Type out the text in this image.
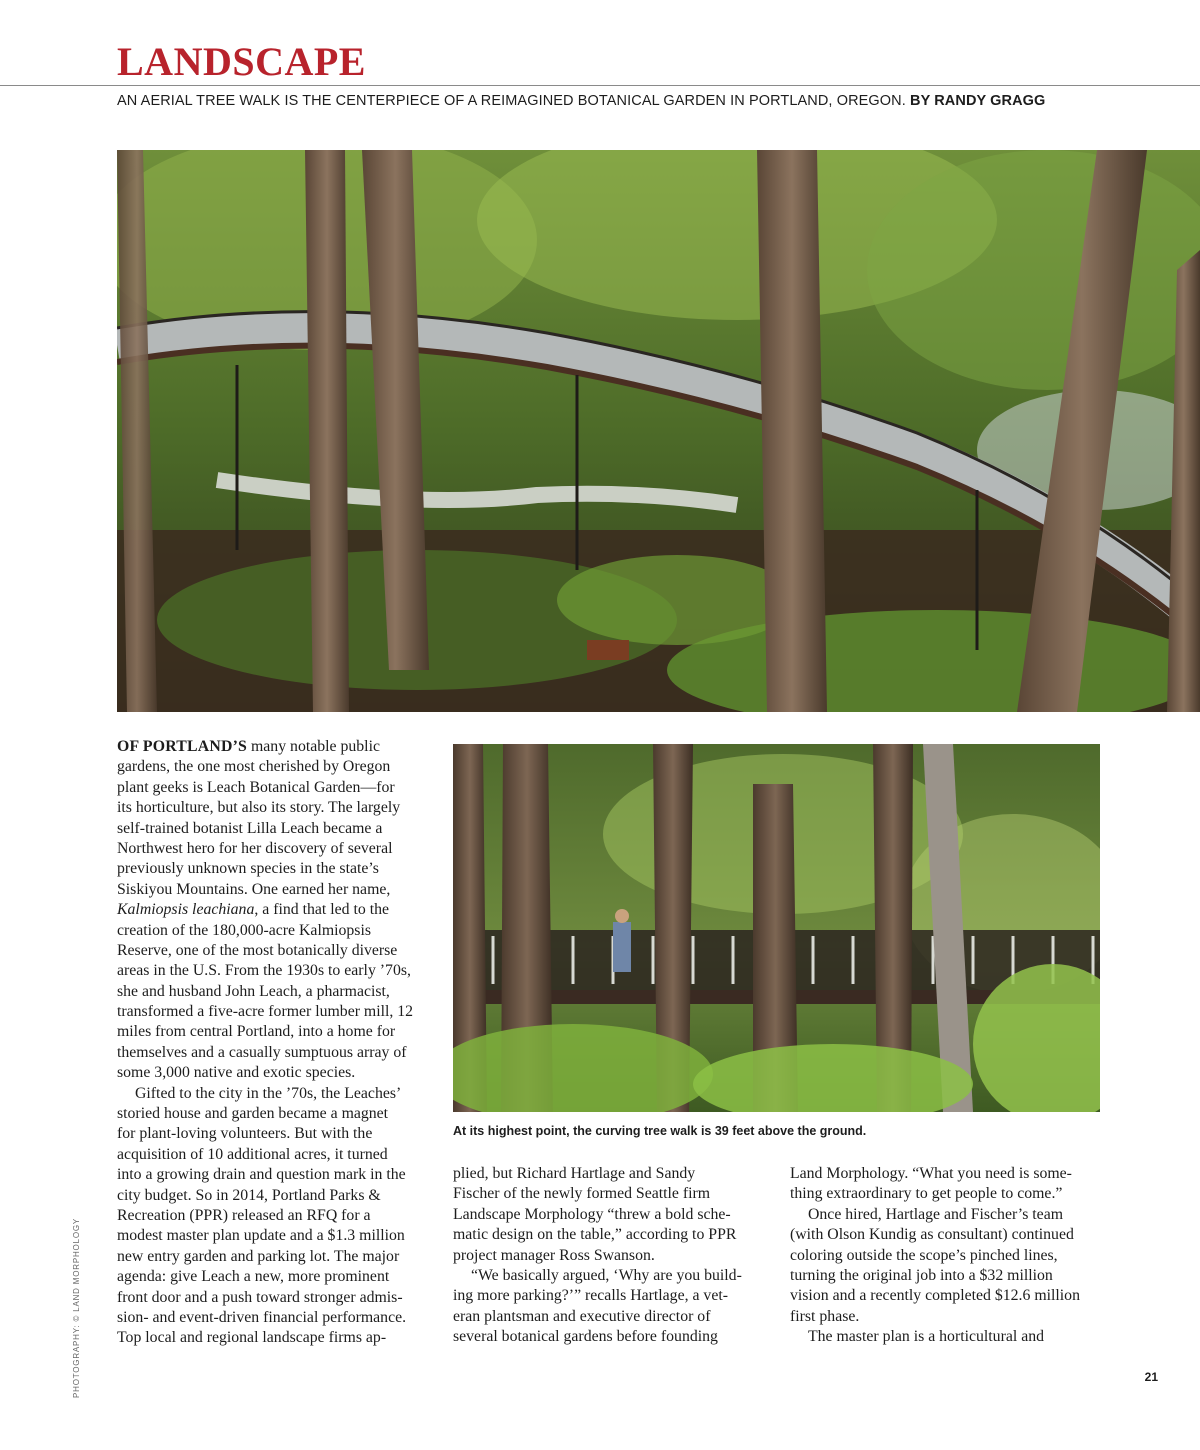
LANDSCAPE
AN AERIAL TREE WALK IS THE CENTERPIECE OF A REIMAGINED BOTANICAL GARDEN IN PORTLAND, OREGON. BY RANDY GRAGG
At its highest point, the curving tree walk is 39 feet above the ground.
PHOTOGRAPHY: © LAND MORPHOLOGY
OF PORTLAND’S many notable public
gardens, the one most cherished by Oregon
plant geeks is Leach Botanical Garden—for
its horticulture, but also its story. The largely
self-trained botanist Lilla Leach became a
Northwest hero for her discovery of several
previously unknown species in the state’s
Siskiyou Mountains. One earned her name,
Kalmiopsis leachiana, a find that led to the
creation of the 180,000-acre Kalmiopsis
Reserve, one of the most botanically diverse
areas in the U.S. From the 1930s to early ’70s,
she and husband John Leach, a pharmacist,
transformed a five-acre former lumber mill, 12
miles from central Portland, into a home for
themselves and a casually sumptuous array of
some 3,000 native and exotic species.
Gifted to the city in the ’70s, the Leaches’
storied house and garden became a magnet
for plant-loving volunteers. But with the
acquisition of 10 additional acres, it turned
into a growing drain and question mark in the
city budget. So in 2014, Portland Parks &
Recreation (PPR) released an RFQ for a
modest master plan update and a $1.3 million
new entry garden and parking lot. The major
agenda: give Leach a new, more prominent
front door and a push toward stronger admis-
sion- and event-driven financial performance.
Top local and regional landscape firms ap-
plied, but Richard Hartlage and Sandy
Fischer of the newly formed Seattle firm
Landscape Morphology “threw a bold sche-
matic design on the table,” according to PPR
project manager Ross Swanson.
“We basically argued, ‘Why are you build-
ing more parking?’” recalls Hartlage, a vet-
eran plantsman and executive director of
several botanical gardens before founding
Land Morphology. “What you need is some-
thing extraordinary to get people to come.”
Once hired, Hartlage and Fischer’s team
(with Olson Kundig as consultant) continued
coloring outside the scope’s pinched lines,
turning the original job into a $32 million
vision and a recently completed $12.6 million
first phase.
The master plan is a horticultural and
21
